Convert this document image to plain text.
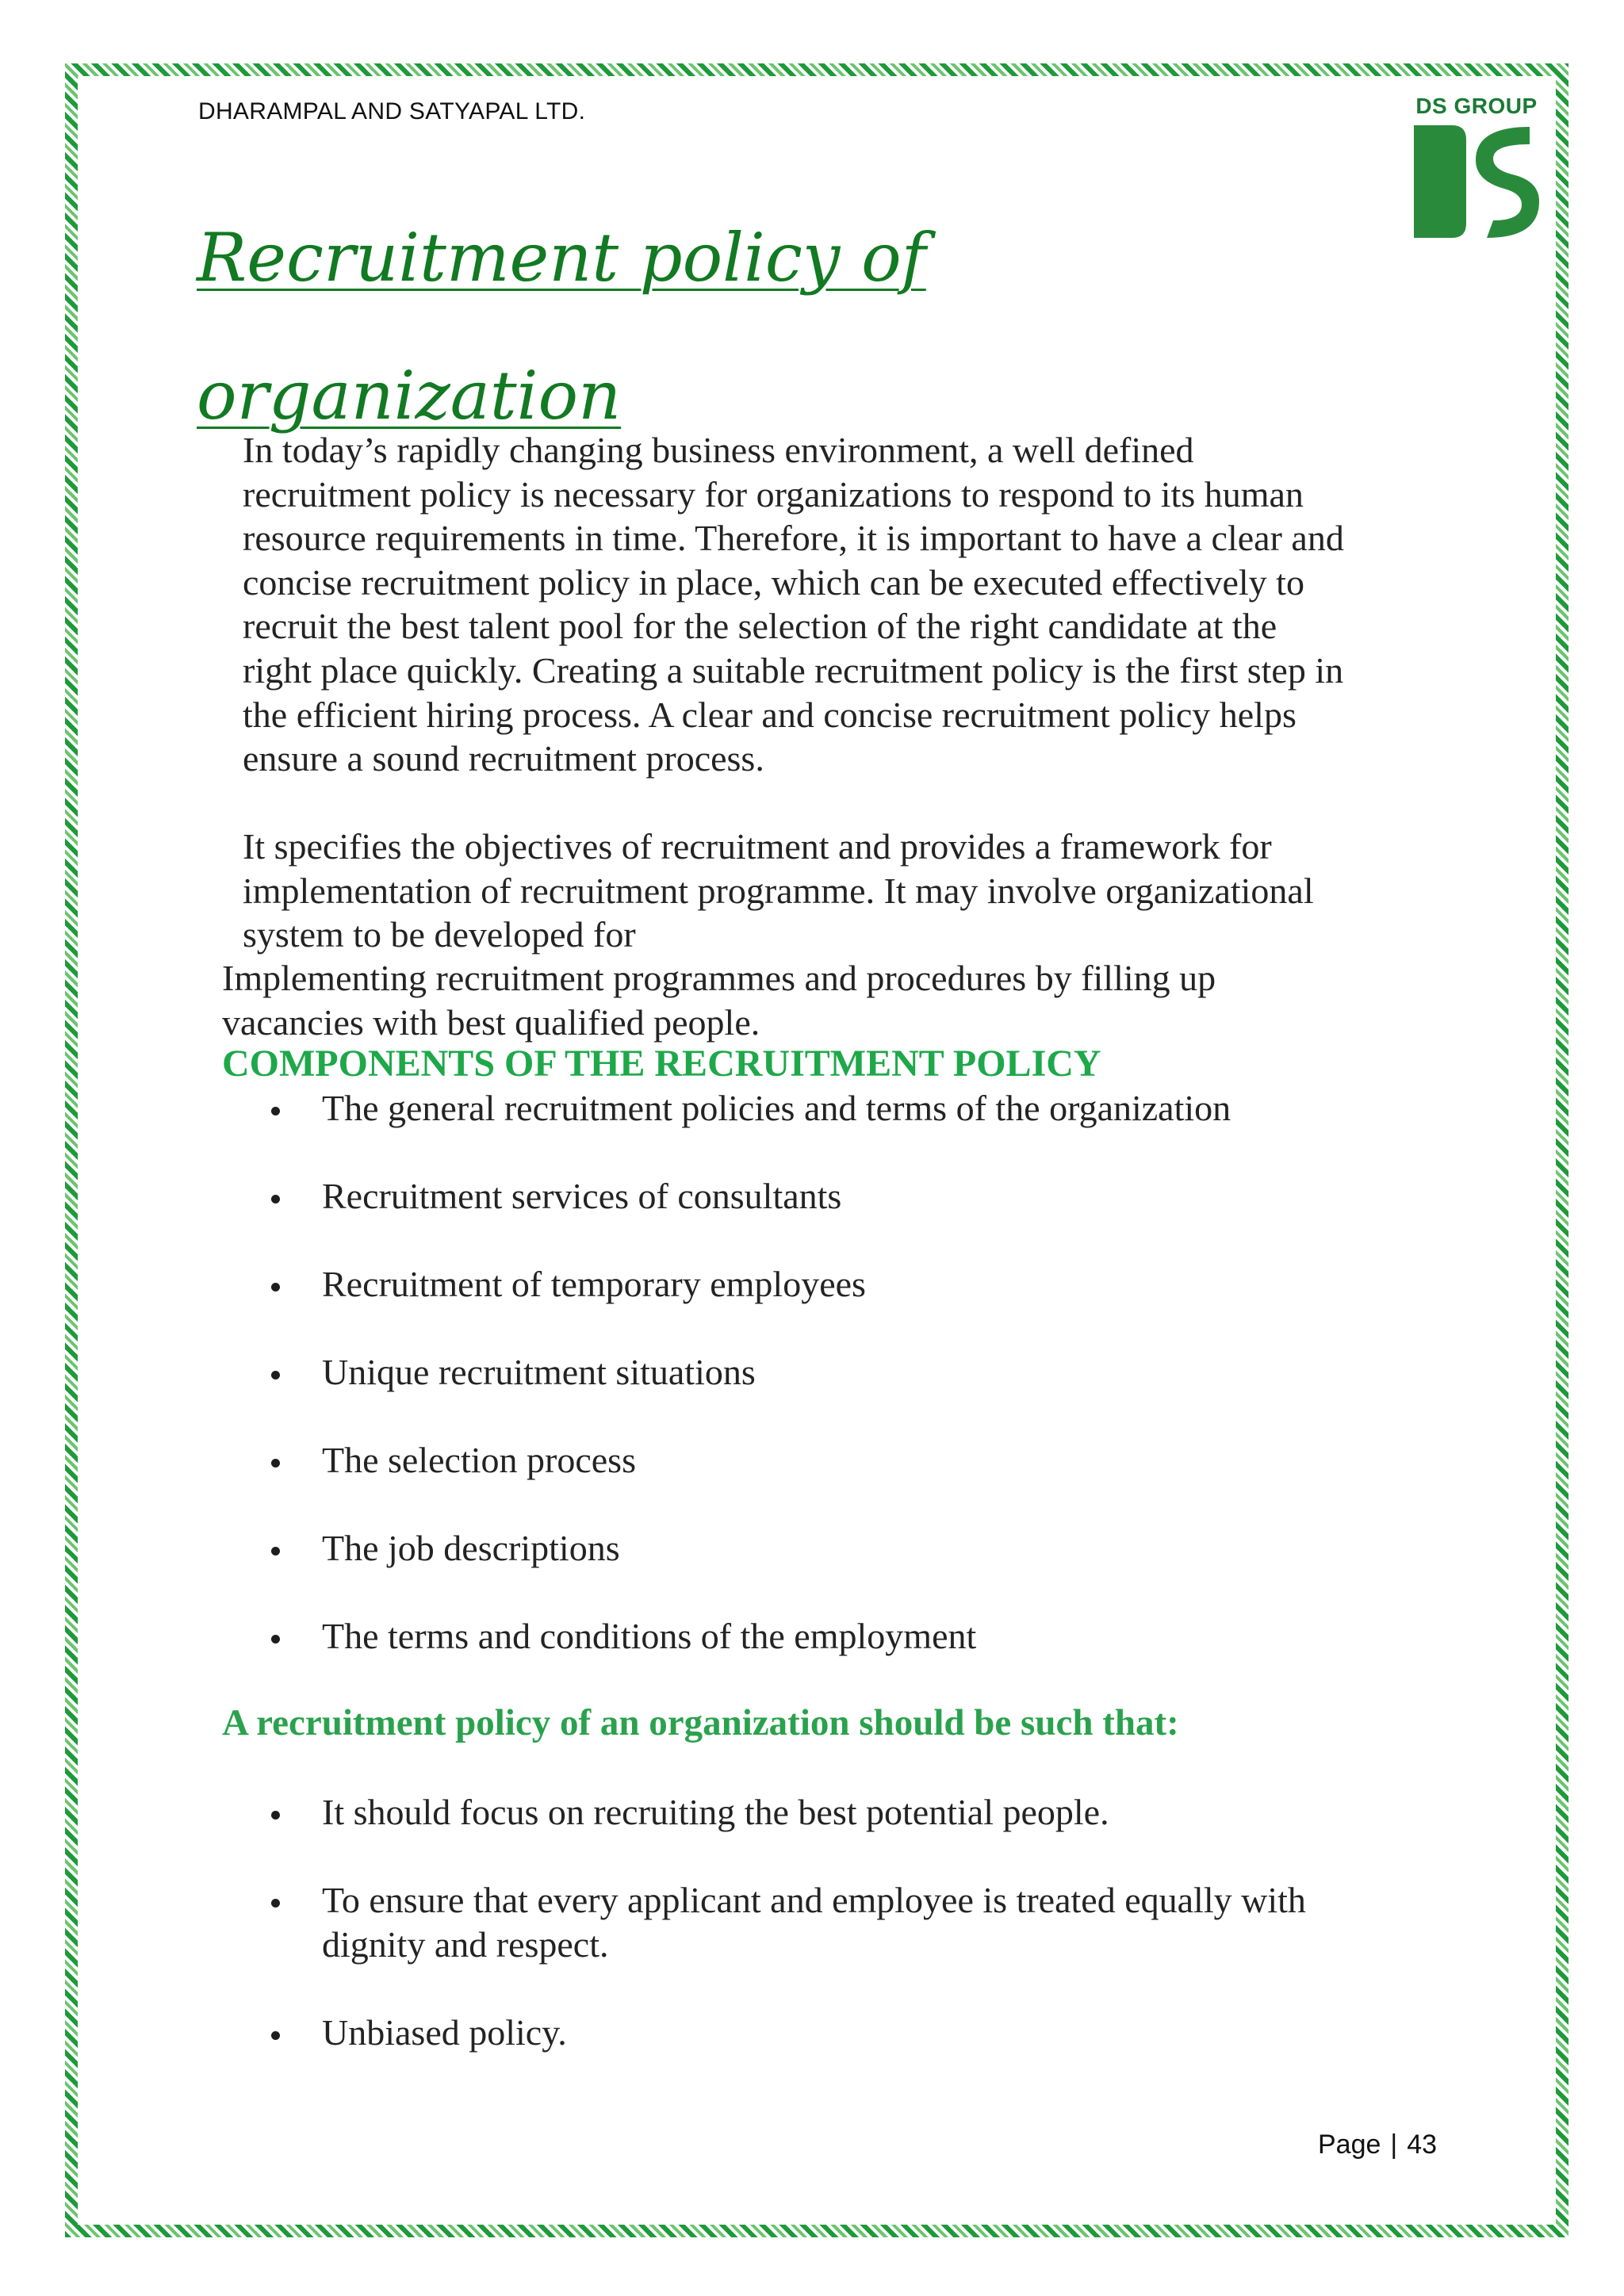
DHARAMPAL AND SATYAPAL LTD.	DS GROUP
Recruitment policy of
organization

In today’s rapidly changing business environment, a well defined
recruitment policy is necessary for organizations to respond to its human
resource requirements in time. Therefore, it is important to have a clear and
concise recruitment policy in place, which can be executed effectively to
recruit the best talent pool for the selection of the right candidate at the
right place quickly. Creating a suitable recruitment policy is the first step in
the efficient hiring process. A clear and concise recruitment policy helps
ensure a sound recruitment process.

It specifies the objectives of recruitment and provides a framework for
implementation of recruitment programme. It may involve organizational
system to be developed for

Implementing recruitment programmes and procedures by filling up
vacancies with best qualified people.

COMPONENTS OF THE RECRUITMENT POLICY
The general recruitment policies and terms of the organization
Recruitment services of consultants
Recruitment of temporary employees
Unique recruitment situations
The selection process
The job descriptions
The terms and conditions of the employment
A recruitment policy of an organization should be such that:
It should focus on recruiting the best potential people.
To ensure that every applicant and employee is treated equally with
dignity and respect.
Unbiased policy.
Page | 43
